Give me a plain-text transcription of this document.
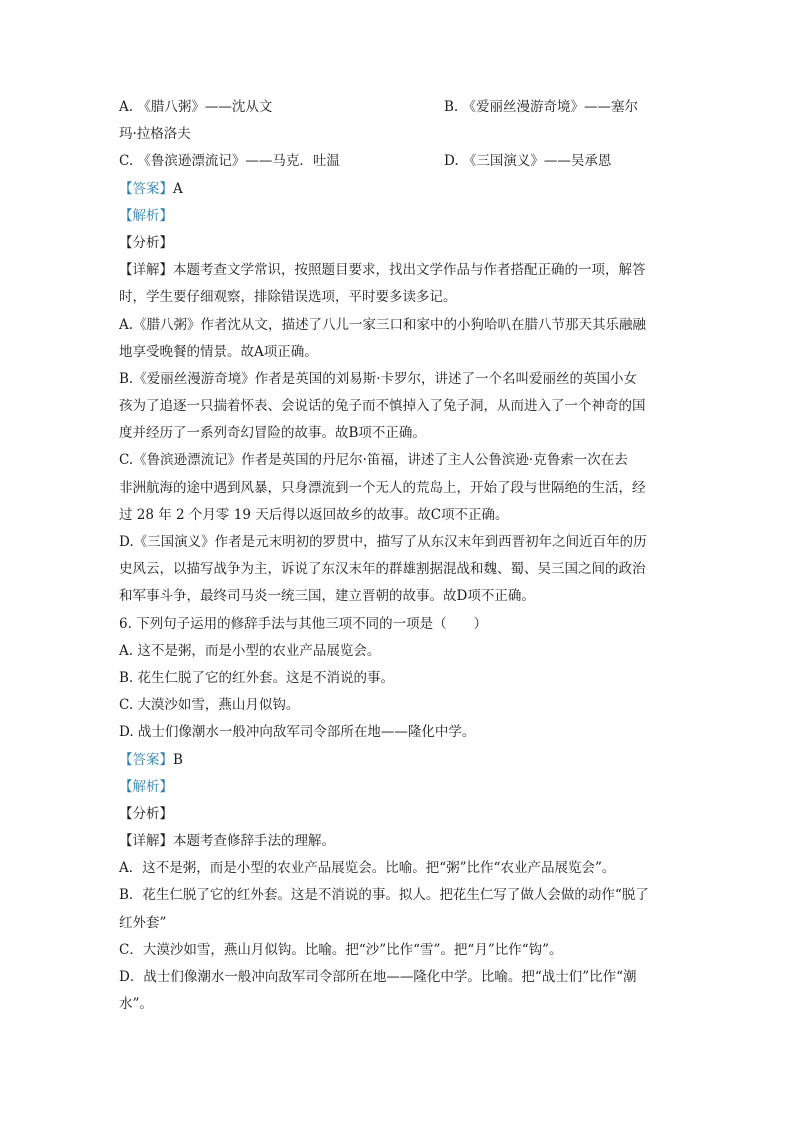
A. 《腊八粥》——沈从文	B. 《爱丽丝漫游奇境》——塞尔
玛·拉格洛夫
C. 《鲁滨逊漂流记》——马克．吐温	D. 《三国演义》——吴承恩
【答案】A
【解析】
【分析】
【详解】本题考查文学常识，按照题目要求，找出文学作品与作者搭配正确的一项，解答
时，学生要仔细观察，排除错误选项，平时要多读多记。
A.《腊八粥》作者沈从文，描述了八儿一家三口和家中的小狗哈叭在腊八节那天其乐融融
地享受晚餐的情景。故A项正确。
B.《爱丽丝漫游奇境》作者是英国的刘易斯·卡罗尔，讲述了一个名叫爱丽丝的英国小女
孩为了追逐一只揣着怀表、会说话的兔子而不慎掉入了兔子洞，从而进入了一个神奇的国
度并经历了一系列奇幻冒险的故事。故B项不正确。
C.《鲁滨逊漂流记》作者是英国的丹尼尔·笛福，讲述了主人公鲁滨逊·克鲁索一次在去
非洲航海的途中遇到风暴，只身漂流到一个无人的荒岛上，开始了段与世隔绝的生活，经
过 28 年 2 个月零 19 天后得以返回故乡的故事。故C项不正确。
D.《三国演义》作者是元末明初的罗贯中，描写了从东汉末年到西晋初年之间近百年的历
史风云，以描写战争为主，诉说了东汉末年的群雄割据混战和魏、蜀、吴三国之间的政治
和军事斗争，最终司马炎一统三国，建立晋朝的故事。故D项不正确。
6. 下列句子运用的修辞手法与其他三项不同的一项是（　　）
A. 这不是粥，而是小型的农业产品展览会。
B. 花生仁脱了它的红外套。这是不消说的事。
C. 大漠沙如雪，燕山月似钩。
D. 战士们像潮水一般冲向敌军司令部所在地——隆化中学。
【答案】B
【解析】
【分析】
【详解】本题考查修辞手法的理解。
A．这不是粥，而是小型的农业产品展览会。比喻。把“粥”比作“农业产品展览会”。
B．花生仁脱了它的红外套。这是不消说的事。拟人。把花生仁写了做人会做的动作“脱了
红外套”
C．大漠沙如雪，燕山月似钩。比喻。把“沙”比作“雪”。把“月”比作“钩”。
D．战士们像潮水一般冲向敌军司令部所在地——隆化中学。比喻。把“战士们”比作“潮
水”。
